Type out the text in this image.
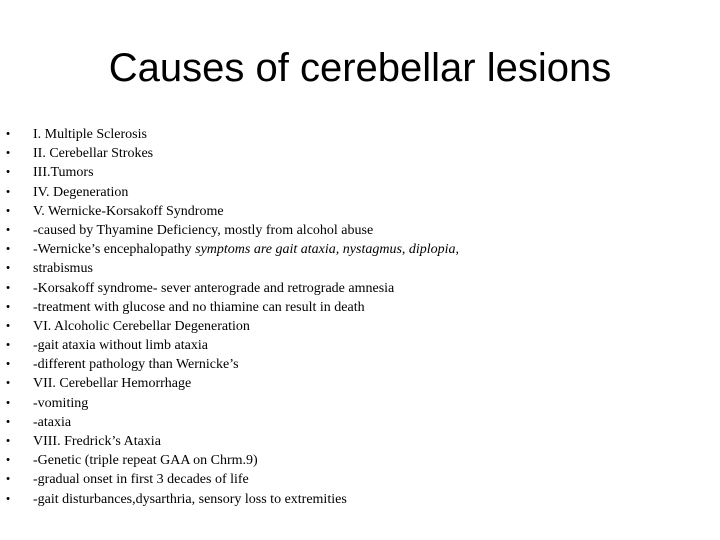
Causes of cerebellar lesions
• I. Multiple Sclerosis
• II. Cerebellar Strokes
• III.Tumors
• IV. Degeneration
• V. Wernicke-Korsakoff Syndrome
• -caused by Thyamine Deficiency, mostly from alcohol abuse
• -Wernicke’s encephalopathy symptoms are gait ataxia, nystagmus, diplopia,
• strabismus
• -Korsakoff syndrome- sever anterograde and retrograde amnesia
• -treatment with glucose and no thiamine can result in death
• VI. Alcoholic Cerebellar Degeneration
• -gait ataxia without limb ataxia
• -different pathology than Wernicke’s
• VII. Cerebellar Hemorrhage
• -vomiting
• -ataxia
• VIII. Fredrick’s Ataxia
• -Genetic (triple repeat GAA on Chrm.9)
• -gradual onset in first 3 decades of life
• -gait disturbances,dysarthria, sensory loss to extremities
